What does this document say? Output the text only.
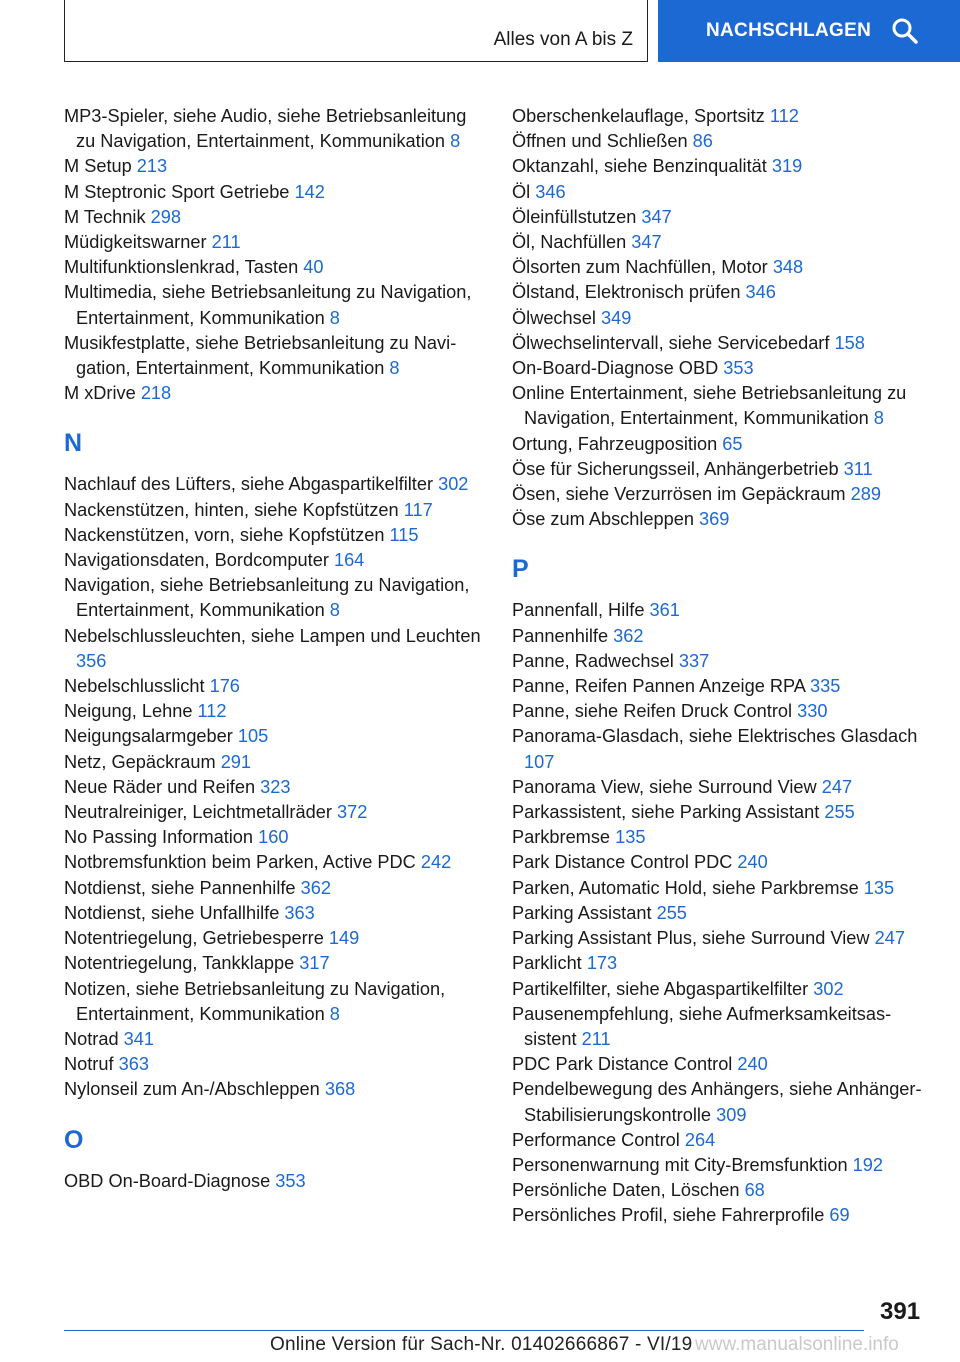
Alles von A bis Z	NACHSCHLAGEN
MP3-Spieler, siehe Audio, siehe Betriebsanleitung zu Navigation, Entertainment, Kommunikation 8
M Setup 213
M Steptronic Sport Getriebe 142
M Technik 298
Müdigkeitswarner 211
Multifunktionslenkrad, Tasten 40
Multimedia, siehe Betriebsanleitung zu Navigation, Entertainment, Kommunikation 8
Musikfestplatte, siehe Betriebsanleitung zu Navigation, Entertainment, Kommunikation 8
M xDrive 218
N
Nachlauf des Lüfters, siehe Abgaspartikelfilter 302
Nackenstützen, hinten, siehe Kopfstützen 117
Nackenstützen, vorn, siehe Kopfstützen 115
Navigationsdaten, Bordcomputer 164
Navigation, siehe Betriebsanleitung zu Navigation, Entertainment, Kommunikation 8
Nebelschlussleuchten, siehe Lampen und Leuchten 356
Nebelschlusslicht 176
Neigung, Lehne 112
Neigungsalarmgeber 105
Netz, Gepäckraum 291
Neue Räder und Reifen 323
Neutralreiniger, Leichtmetallräder 372
No Passing Information 160
Notbremsfunktion beim Parken, Active PDC 242
Notdienst, siehe Pannenhilfe 362
Notdienst, siehe Unfallhilfe 363
Notentriegelung, Getriebesperre 149
Notentriegelung, Tankklappe 317
Notizen, siehe Betriebsanleitung zu Navigation, Entertainment, Kommunikation 8
Notrad 341
Notruf 363
Nylonseil zum An-/Abschleppen 368
O
OBD On-Board-Diagnose 353
Oberschenkelauflage, Sportsitz 112
Öffnen und Schließen 86
Oktanzahl, siehe Benzinqualität 319
Öl 346
Öleinfüllstutzen 347
Öl, Nachfüllen 347
Ölsorten zum Nachfüllen, Motor 348
Ölstand, Elektronisch prüfen 346
Ölwechsel 349
Ölwechselintervall, siehe Servicebedarf 158
On-Board-Diagnose OBD 353
Online Entertainment, siehe Betriebsanleitung zu Navigation, Entertainment, Kommunikation 8
Ortung, Fahrzeugposition 65
Öse für Sicherungsseil, Anhängerbetrieb 311
Ösen, siehe Verzurrösen im Gepäckraum 289
Öse zum Abschleppen 369
P
Pannenfall, Hilfe 361
Pannenhilfe 362
Panne, Radwechsel 337
Panne, Reifen Pannen Anzeige RPA 335
Panne, siehe Reifen Druck Control 330
Panorama-Glasdach, siehe Elektrisches Glasdach 107
Panorama View, siehe Surround View 247
Parkassistent, siehe Parking Assistant 255
Parkbremse 135
Park Distance Control PDC 240
Parken, Automatic Hold, siehe Parkbremse 135
Parking Assistant 255
Parking Assistant Plus, siehe Surround View 247
Parklicht 173
Partikelfilter, siehe Abgaspartikelfilter 302
Pausenempfehlung, siehe Aufmerksamkeitsassistent 211
PDC Park Distance Control 240
Pendelbewegung des Anhängers, siehe Anhänger-Stabilisierungskontrolle 309
Performance Control 264
Personenwarnung mit City-Bremsfunktion 192
Persönliche Daten, Löschen 68
Persönliches Profil, siehe Fahrerprofile 69
391
Online Version für Sach-Nr. 01402666867 - VI/19 www.manualsonline.info
